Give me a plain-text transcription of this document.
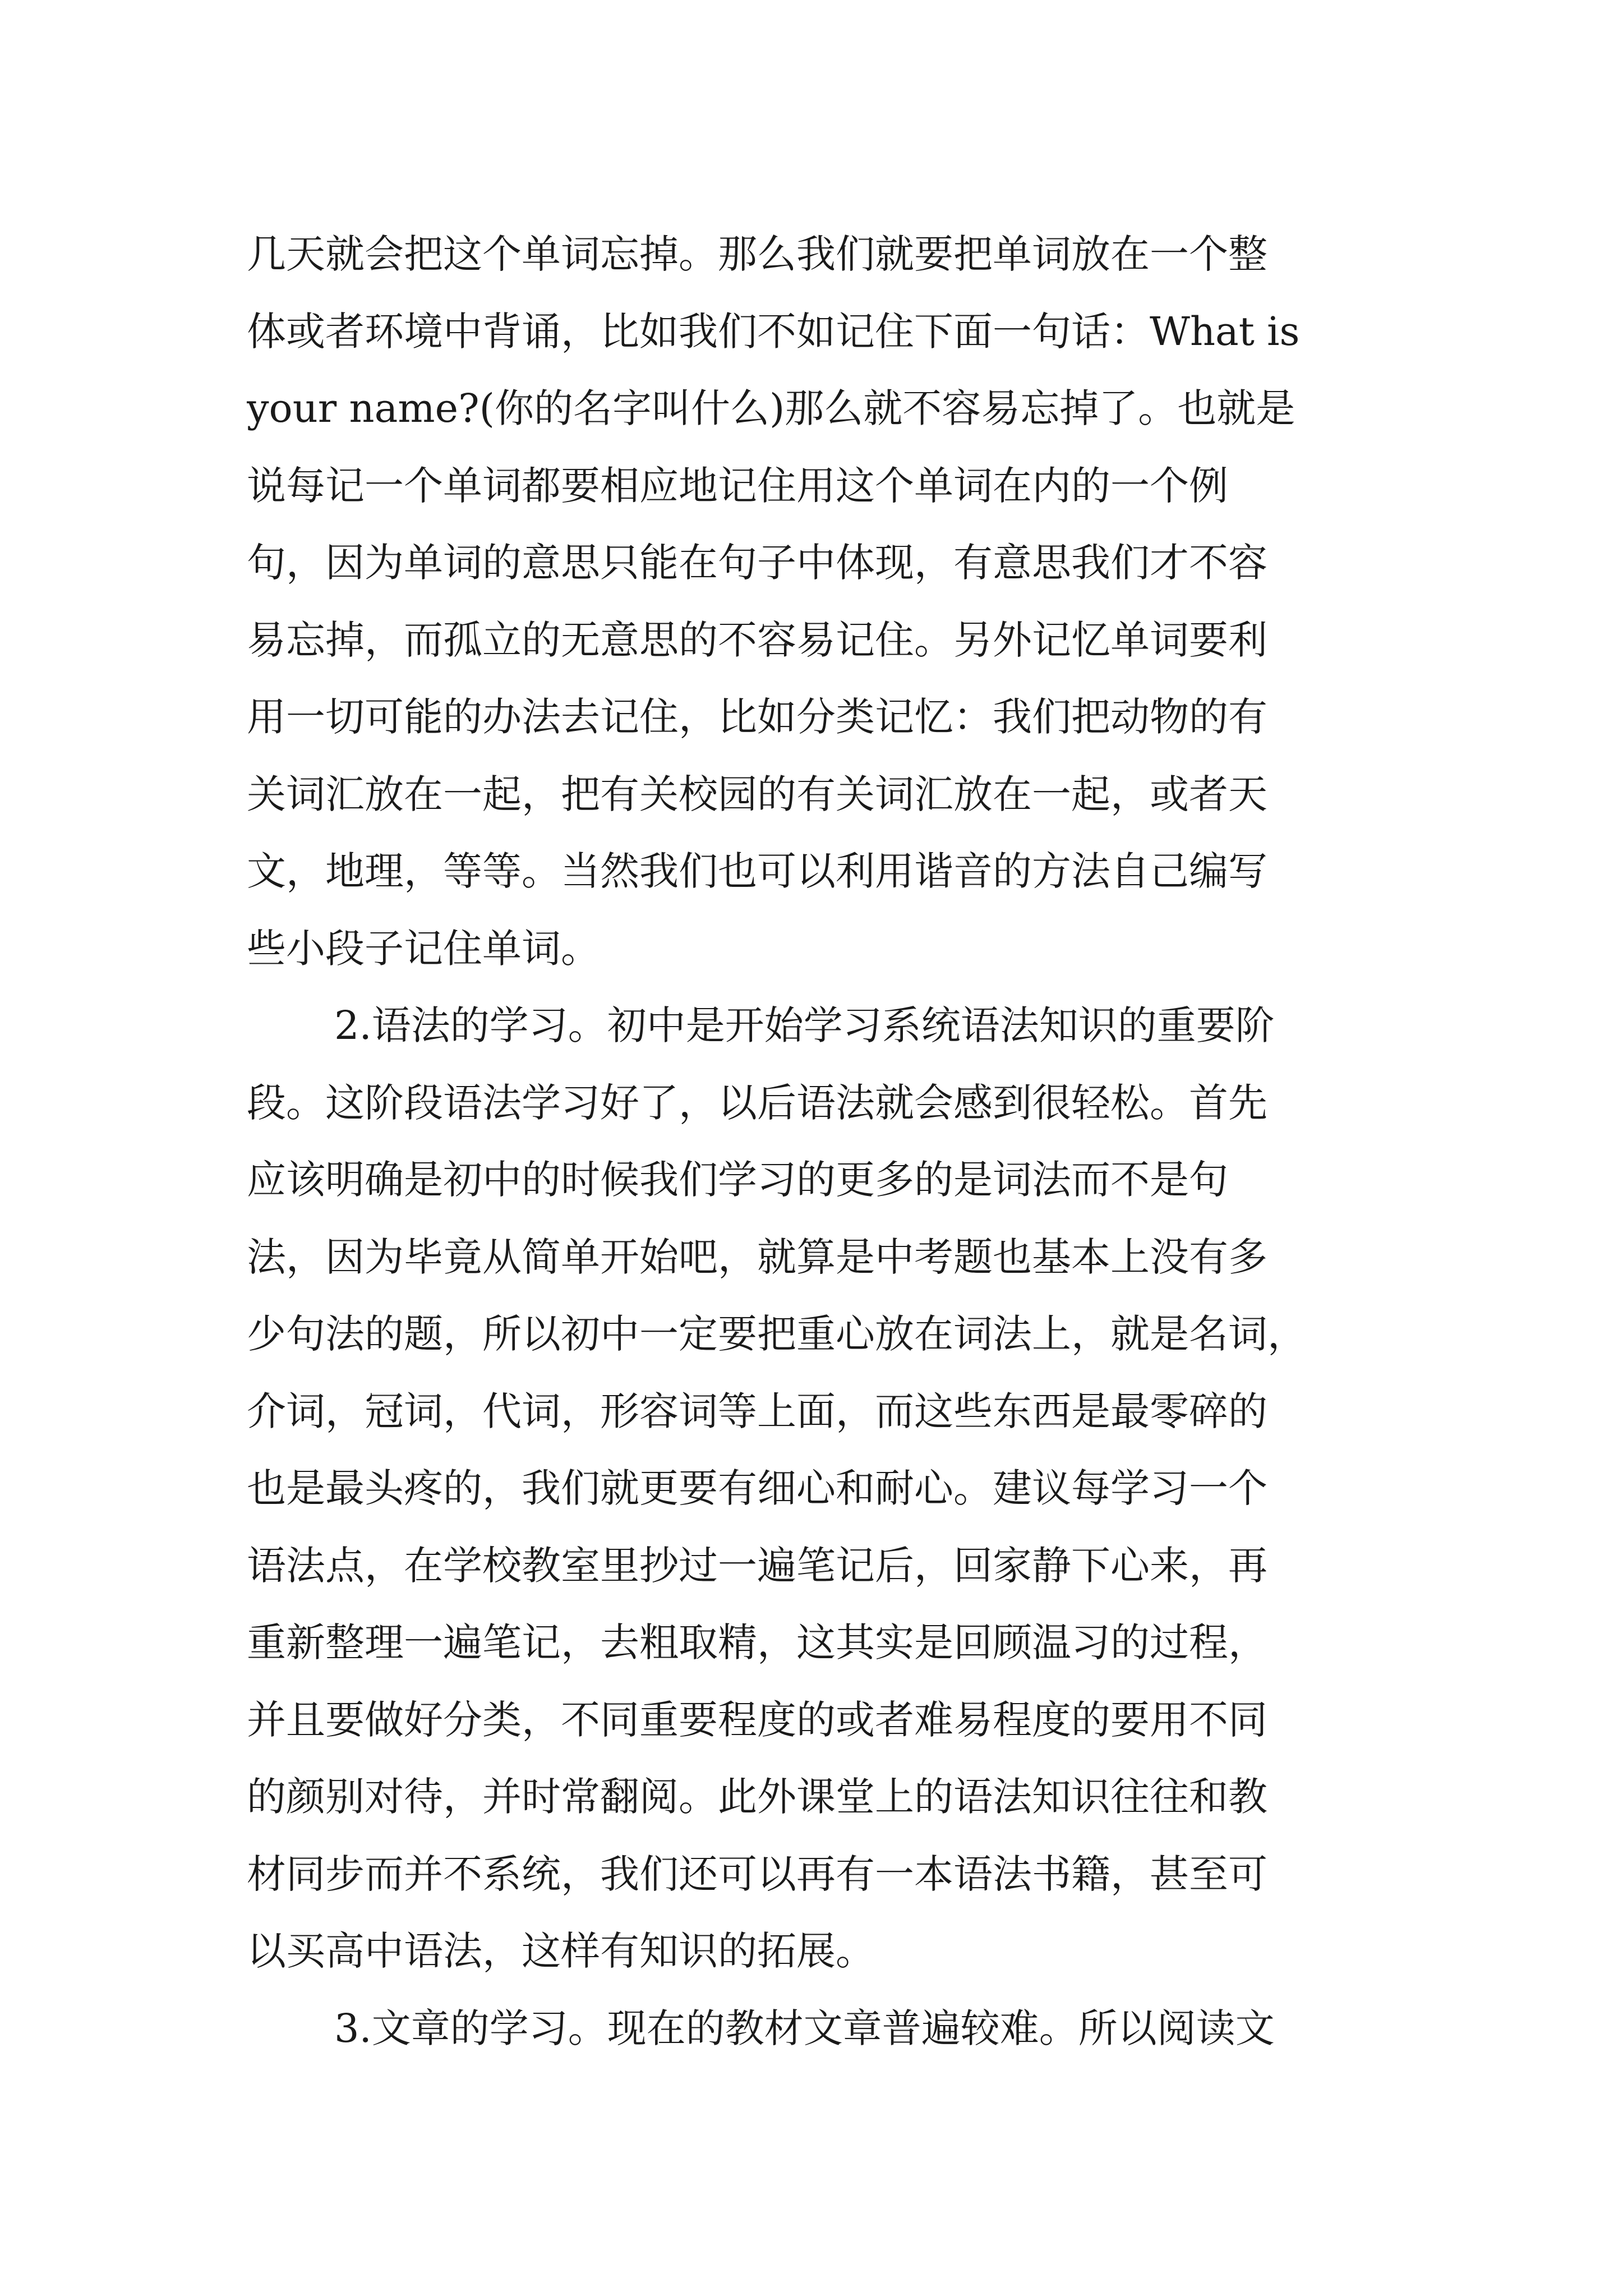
几天就会把这个单词忘掉。那么我们就要把单词放在一个整
体或者环境中背诵，比如我们不如记住下面一句话：What is
your name?(你的名字叫什么)那么就不容易忘掉了。也就是
说每记一个单词都要相应地记住用这个单词在内的一个例
句，因为单词的意思只能在句子中体现，有意思我们才不容
易忘掉，而孤立的无意思的不容易记住。另外记忆单词要利
用一切可能的办法去记住，比如分类记忆：我们把动物的有
关词汇放在一起，把有关校园的有关词汇放在一起，或者天
文，地理，等等。当然我们也可以利用谐音的方法自己编写
些小段子记住单词。
2.语法的学习。初中是开始学习系统语法知识的重要阶
段。这阶段语法学习好了，以后语法就会感到很轻松。首先
应该明确是初中的时候我们学习的更多的是词法而不是句
法，因为毕竟从简单开始吧，就算是中考题也基本上没有多
少句法的题，所以初中一定要把重心放在词法上，就是名词，
介词，冠词，代词，形容词等上面，而这些东西是最零碎的
也是最头疼的，我们就更要有细心和耐心。建议每学习一个
语法点，在学校教室里抄过一遍笔记后，回家静下心来，再
重新整理一遍笔记，去粗取精，这其实是回顾温习的过程，
并且要做好分类，不同重要程度的或者难易程度的要用不同
的颜别对待，并时常翻阅。此外课堂上的语法知识往往和教
材同步而并不系统，我们还可以再有一本语法书籍，甚至可
以买高中语法，这样有知识的拓展。
3.文章的学习。现在的教材文章普遍较难。所以阅读文
